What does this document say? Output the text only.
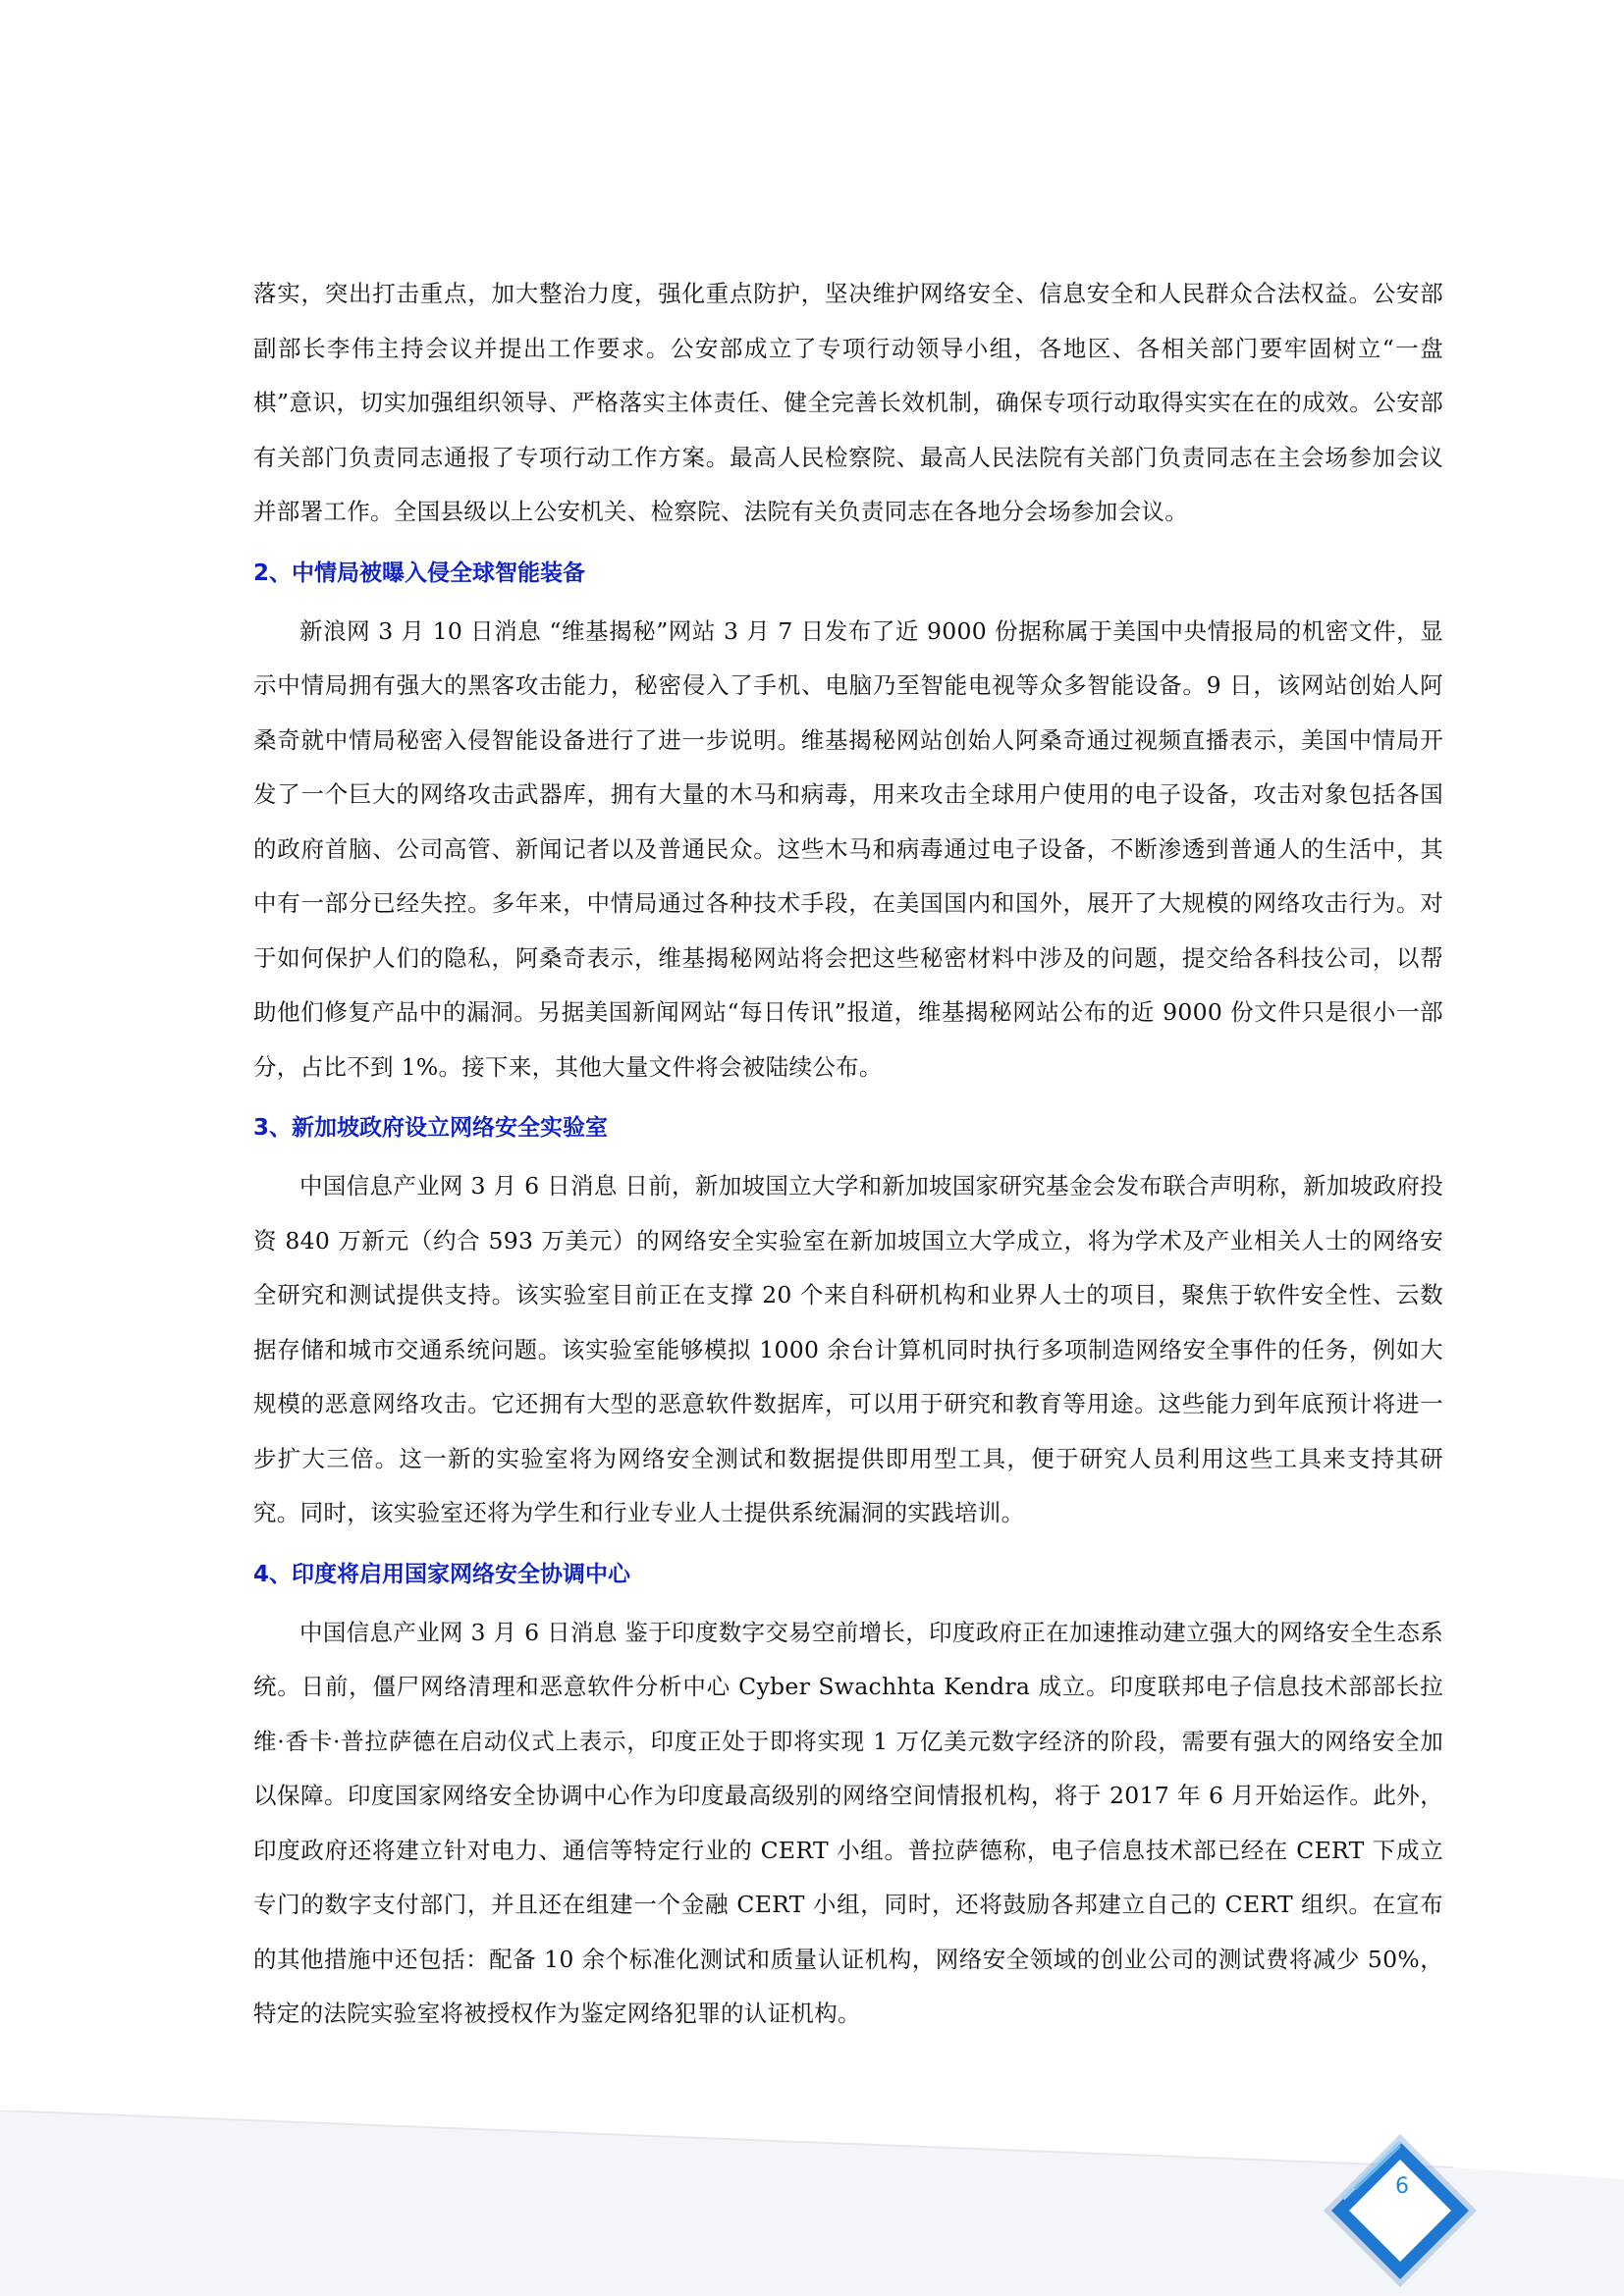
落实，突出打击重点，加大整治力度，强化重点防护，坚决维护网络安全、信息安全和人民群众合法权益。公安部副部长李伟主持会议并提出工作要求。公安部成立了专项行动领导小组，各地区、各相关部门要牢固树立“一盘棋”意识，切实加强组织领导、严格落实主体责任、健全完善长效机制，确保专项行动取得实实在在的成效。公安部有关部门负责同志通报了专项行动工作方案。最高人民检察院、最高人民法院有关部门负责同志在主会场参加会议并部署工作。全国县级以上公安机关、检察院、法院有关负责同志在各地分会场参加会议。

2、中情局被曝入侵全球智能装备

新浪网 3 月 10 日消息 “维基揭秘”网站 3 月 7 日发布了近 9000 份据称属于美国中央情报局的机密文件，显示中情局拥有强大的黑客攻击能力，秘密侵入了手机、电脑乃至智能电视等众多智能设备。9 日，该网站创始人阿桑奇就中情局秘密入侵智能设备进行了进一步说明。维基揭秘网站创始人阿桑奇通过视频直播表示，美国中情局开发了一个巨大的网络攻击武器库，拥有大量的木马和病毒，用来攻击全球用户使用的电子设备，攻击对象包括各国的政府首脑、公司高管、新闻记者以及普通民众。这些木马和病毒通过电子设备，不断渗透到普通人的生活中，其中有一部分已经失控。多年来，中情局通过各种技术手段，在美国国内和国外，展开了大规模的网络攻击行为。对于如何保护人们的隐私，阿桑奇表示，维基揭秘网站将会把这些秘密材料中涉及的问题，提交给各科技公司，以帮助他们修复产品中的漏洞。另据美国新闻网站“每日传讯”报道，维基揭秘网站公布的近 9000 份文件只是很小一部分，占比不到 1%。接下来，其他大量文件将会被陆续公布。

3、新加坡政府设立网络安全实验室

中国信息产业网 3 月 6 日消息 日前，新加坡国立大学和新加坡国家研究基金会发布联合声明称，新加坡政府投资 840 万新元（约合 593 万美元）的网络安全实验室在新加坡国立大学成立，将为学术及产业相关人士的网络安全研究和测试提供支持。该实验室目前正在支撑 20 个来自科研机构和业界人士的项目，聚焦于软件安全性、云数据存储和城市交通系统问题。该实验室能够模拟 1000 余台计算机同时执行多项制造网络安全事件的任务，例如大规模的恶意网络攻击。它还拥有大型的恶意软件数据库，可以用于研究和教育等用途。这些能力到年底预计将进一步扩大三倍。这一新的实验室将为网络安全测试和数据提供即用型工具，便于研究人员利用这些工具来支持其研究。同时，该实验室还将为学生和行业专业人士提供系统漏洞的实践培训。

4、印度将启用国家网络安全协调中心

中国信息产业网 3 月 6 日消息 鉴于印度数字交易空前增长，印度政府正在加速推动建立强大的网络安全生态系统。日前，僵尸网络清理和恶意软件分析中心 Cyber Swachhta Kendra 成立。印度联邦电子信息技术部部长拉维·香卡·普拉萨德在启动仪式上表示，印度正处于即将实现 1 万亿美元数字经济的阶段，需要有强大的网络安全加以保障。印度国家网络安全协调中心作为印度最高级别的网络空间情报机构，将于 2017 年 6 月开始运作。此外，印度政府还将建立针对电力、通信等特定行业的 CERT 小组。普拉萨德称，电子信息技术部已经在 CERT 下成立专门的数字支付部门，并且还在组建一个金融 CERT 小组，同时，还将鼓励各邦建立自己的 CERT 组织。在宣布的其他措施中还包括：配备 10 余个标准化测试和质量认证机构，网络安全领域的创业公司的测试费将减少 50%，特定的法院实验室将被授权作为鉴定网络犯罪的认证机构。

6
